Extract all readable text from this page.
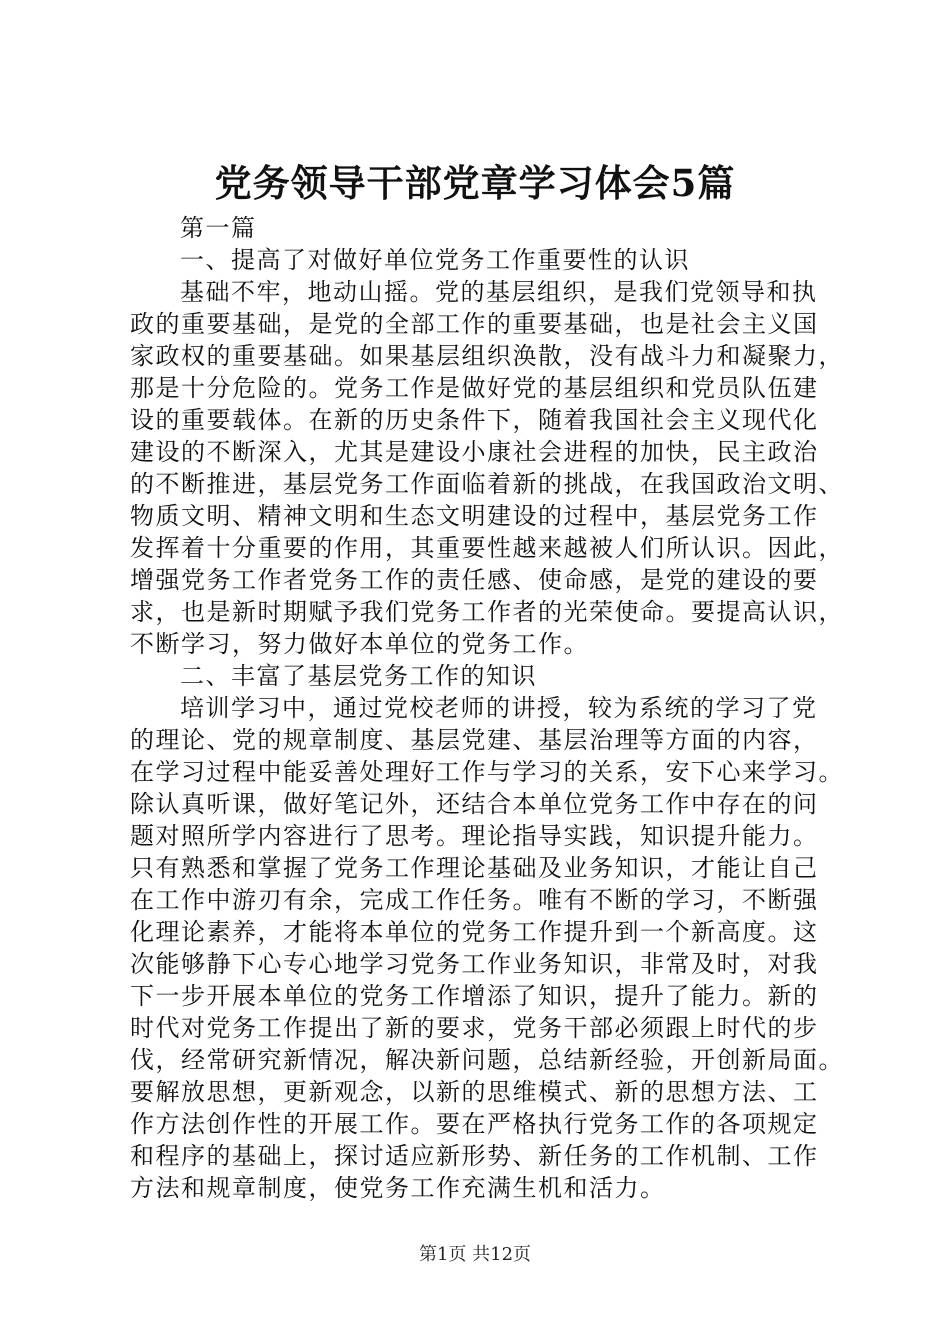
党务领导干部党章学习体会5篇
第一篇
一、提高了对做好单位党务工作重要性的认识
基础不牢，地动山摇。党的基层组织，是我们党领导和执
政的重要基础，是党的全部工作的重要基础，也是社会主义国
家政权的重要基础。如果基层组织涣散，没有战斗力和凝聚力，
那是十分危险的。党务工作是做好党的基层组织和党员队伍建
设的重要载体。在新的历史条件下，随着我国社会主义现代化
建设的不断深入，尤其是建设小康社会进程的加快，民主政治
的不断推进，基层党务工作面临着新的挑战，在我国政治文明、
物质文明、精神文明和生态文明建设的过程中，基层党务工作
发挥着十分重要的作用，其重要性越来越被人们所认识。因此，
增强党务工作者党务工作的责任感、使命感，是党的建设的要
求，也是新时期赋予我们党务工作者的光荣使命。要提高认识，
不断学习，努力做好本单位的党务工作。
二、丰富了基层党务工作的知识
培训学习中，通过党校老师的讲授，较为系统的学习了党
的理论、党的规章制度、基层党建、基层治理等方面的内容，
在学习过程中能妥善处理好工作与学习的关系，安下心来学习。
除认真听课，做好笔记外，还结合本单位党务工作中存在的问
题对照所学内容进行了思考。理论指导实践，知识提升能力。
只有熟悉和掌握了党务工作理论基础及业务知识，才能让自己
在工作中游刃有余，完成工作任务。唯有不断的学习，不断强
化理论素养，才能将本单位的党务工作提升到一个新高度。这
次能够静下心专心地学习党务工作业务知识，非常及时，对我
下一步开展本单位的党务工作增添了知识，提升了能力。新的
时代对党务工作提出了新的要求，党务干部必须跟上时代的步
伐，经常研究新情况，解决新问题，总结新经验，开创新局面。
要解放思想，更新观念，以新的思维模式、新的思想方法、工
作方法创作性的开展工作。要在严格执行党务工作的各项规定
和程序的基础上，探讨适应新形势、新任务的工作机制、工作
方法和规章制度，使党务工作充满生机和活力。
第1页 共12页
